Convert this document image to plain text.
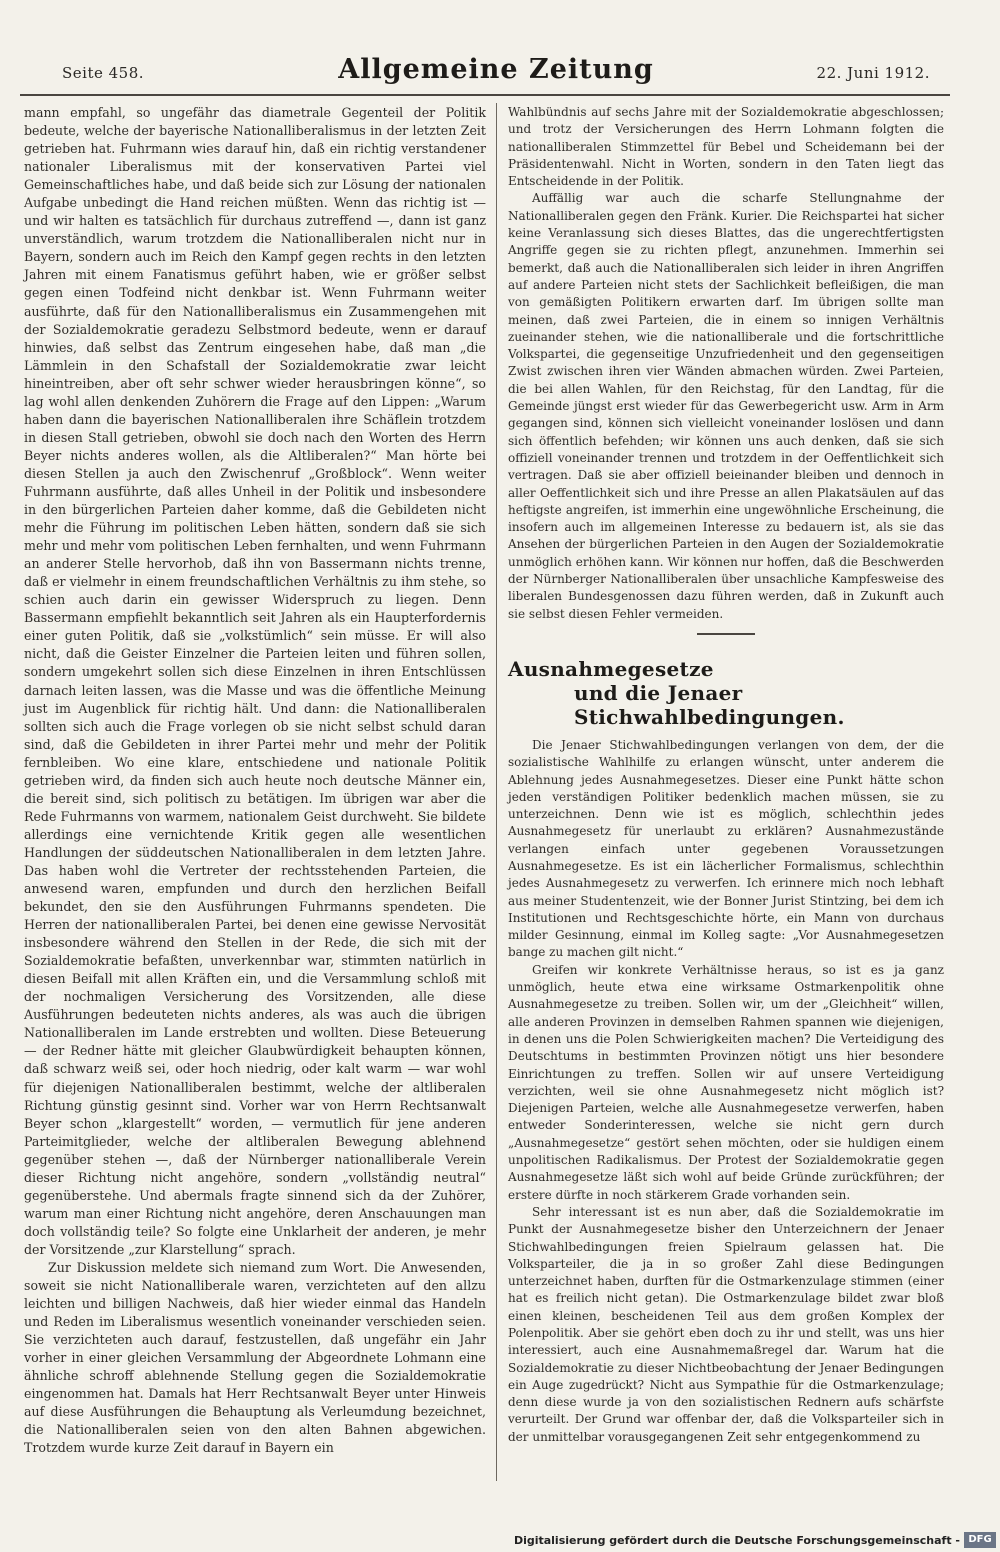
Seite 458.	Allgemeine Zeitung	22. Juni 1912.

mann empfahl, so ungefähr das diametrale Gegenteil der Politik bedeute, welche der bayerische Nationalliberalismus in der letzten Zeit getrieben hat. Fuhrmann wies darauf hin, daß ein richtig verstandener nationaler Liberalismus mit der konservativen Partei viel Gemeinschaftliches habe, und daß beide sich zur Lösung der nationalen Aufgabe unbedingt die Hand reichen müßten. Wenn das richtig ist — und wir halten es tatsächlich für durchaus zutreffend —, dann ist ganz unverständlich, warum trotzdem die Nationalliberalen nicht nur in Bayern, sondern auch im Reich den Kampf gegen rechts in den letzten Jahren mit einem Fanatismus geführt haben, wie er größer selbst gegen einen Todfeind nicht denkbar ist. Wenn Fuhrmann weiter ausführte, daß für den Nationalliberalismus ein Zusammengehen mit der Sozialdemokratie geradezu Selbstmord bedeute, wenn er darauf hinwies, daß selbst das Zentrum eingesehen habe, daß man „die Lämmlein in den Schafstall der Sozialdemokratie zwar leicht hineintreiben, aber oft sehr schwer wieder herausbringen könne“, so lag wohl allen denkenden Zuhörern die Frage auf den Lippen: „Warum haben dann die bayerischen Nationalliberalen ihre Schäflein trotzdem in diesen Stall getrieben, obwohl sie doch nach den Worten des Herrn Beyer nichts anderes wollen, als die Altliberalen?“ Man hörte bei diesen Stellen ja auch den Zwischenruf „Großblock“. Wenn weiter Fuhrmann ausführte, daß alles Unheil in der Politik und insbesondere in den bürgerlichen Parteien daher komme, daß die Gebildeten nicht mehr die Führung im politischen Leben hätten, sondern daß sie sich mehr und mehr vom politischen Leben fernhalten, und wenn Fuhrmann an anderer Stelle hervorhob, daß ihn von Bassermann nichts trenne, daß er vielmehr in einem freundschaftlichen Verhältnis zu ihm stehe, so schien auch darin ein gewisser Widerspruch zu liegen. Denn Bassermann empfiehlt bekanntlich seit Jahren als ein Haupterfordernis einer guten Politik, daß sie „volkstümlich“ sein müsse. Er will also nicht, daß die Geister Einzelner die Parteien leiten und führen sollen, sondern umgekehrt sollen sich diese Einzelnen in ihren Entschlüssen darnach leiten lassen, was die Masse und was die öffentliche Meinung just im Augenblick für richtig hält. Und dann: die Nationalliberalen sollten sich auch die Frage vorlegen ob sie nicht selbst schuld daran sind, daß die Gebildeten in ihrer Partei mehr und mehr der Politik fernbleiben. Wo eine klare, entschiedene und nationale Politik getrieben wird, da finden sich auch heute noch deutsche Männer ein, die bereit sind, sich politisch zu betätigen. Im übrigen war aber die Rede Fuhrmanns von warmem, nationalem Geist durchweht. Sie bildete allerdings eine vernichtende Kritik gegen alle wesentlichen Handlungen der süddeutschen Nationalliberalen in dem letzten Jahre. Das haben wohl die Vertreter der rechtsstehenden Parteien, die anwesend waren, empfunden und durch den herzlichen Beifall bekundet, den sie den Ausführungen Fuhrmanns spendeten. Die Herren der nationalliberalen Partei, bei denen eine gewisse Nervosität insbesondere während den Stellen in der Rede, die sich mit der Sozialdemokratie befaßten, unverkennbar war, stimmten natürlich in diesen Beifall mit allen Kräften ein, und die Versammlung schloß mit der nochmaligen Versicherung des Vorsitzenden, alle diese Ausführungen bedeuteten nichts anderes, als was auch die übrigen Nationalliberalen im Lande erstrebten und wollten. Diese Beteuerung — der Redner hätte mit gleicher Glaubwürdigkeit behaupten können, daß schwarz weiß sei, oder hoch niedrig, oder kalt warm — war wohl für diejenigen Nationalliberalen bestimmt, welche der altliberalen Richtung günstig gesinnt sind. Vorher war von Herrn Rechtsanwalt Beyer schon „klargestellt“ worden, — vermutlich für jene anderen Parteimitglieder, welche der altliberalen Bewegung ablehnend gegenüber stehen —, daß der Nürnberger nationalliberale Verein dieser Richtung nicht angehöre, sondern „vollständig neutral“ gegenüberstehe. Und abermals fragte sinnend sich da der Zuhörer, warum man einer Richtung nicht angehöre, deren Anschauungen man doch vollständig teile? So folgte eine Unklarheit der anderen, je mehr der Vorsitzende „zur Klarstellung“ sprach.

Zur Diskussion meldete sich niemand zum Wort. Die Anwesenden, soweit sie nicht Nationalliberale waren, verzichteten auf den allzu leichten und billigen Nachweis, daß hier wieder einmal das Handeln und Reden im Liberalismus wesentlich voneinander verschieden seien. Sie verzichteten auch darauf, festzustellen, daß ungefähr ein Jahr vorher in einer gleichen Versammlung der Abgeordnete Lohmann eine ähnliche schroff ablehnende Stellung gegen die Sozialdemokratie eingenommen hat. Damals hat Herr Rechtsanwalt Beyer unter Hinweis auf diese Ausführungen die Behauptung als Verleumdung bezeichnet, die Nationalliberalen seien von den alten Bahnen abgewichen. Trotzdem wurde kurze Zeit darauf in Bayern ein

Wahlbündnis auf sechs Jahre mit der Sozialdemokratie abgeschlossen; und trotz der Versicherungen des Herrn Lohmann folgten die nationalliberalen Stimmzettel für Bebel und Scheidemann bei der Präsidentenwahl. Nicht in Worten, sondern in den Taten liegt das Entscheidende in der Politik.

Auffällig war auch die scharfe Stellungnahme der Nationalliberalen gegen den Fränk. Kurier. Die Reichspartei hat sicher keine Veranlassung sich dieses Blattes, das die ungerechtfertigsten Angriffe gegen sie zu richten pflegt, anzunehmen. Immerhin sei bemerkt, daß auch die Nationalliberalen sich leider in ihren Angriffen auf andere Parteien nicht stets der Sachlichkeit befleißigen, die man von gemäßigten Politikern erwarten darf. Im übrigen sollte man meinen, daß zwei Parteien, die in einem so innigen Verhältnis zueinander stehen, wie die nationalliberale und die fortschrittliche Volkspartei, die gegenseitige Unzufriedenheit und den gegenseitigen Zwist zwischen ihren vier Wänden abmachen würden. Zwei Parteien, die bei allen Wahlen, für den Reichstag, für den Landtag, für die Gemeinde jüngst erst wieder für das Gewerbegericht usw. Arm in Arm gegangen sind, können sich vielleicht voneinander loslösen und dann sich öffentlich befehden; wir können uns auch denken, daß sie sich offiziell voneinander trennen und trotzdem in der Oeffentlichkeit sich vertragen. Daß sie aber offiziell beieinander bleiben und dennoch in aller Oeffentlichkeit sich und ihre Presse an allen Plakatsäulen auf das heftigste angreifen, ist immerhin eine ungewöhnliche Erscheinung, die insofern auch im allgemeinen Interesse zu bedauern ist, als sie das Ansehen der bürgerlichen Parteien in den Augen der Sozialdemokratie unmöglich erhöhen kann. Wir können nur hoffen, daß die Beschwerden der Nürnberger Nationalliberalen über unsachliche Kampfesweise des liberalen Bundesgenossen dazu führen werden, daß in Zukunft auch sie selbst diesen Fehler vermeiden.

Ausnahmegesetze
und die Jenaer Stichwahlbedingungen.

Die Jenaer Stichwahlbedingungen verlangen von dem, der die sozialistische Wahlhilfe zu erlangen wünscht, unter anderem die Ablehnung jedes Ausnahmegesetzes. Dieser eine Punkt hätte schon jeden verständigen Politiker bedenklich machen müssen, sie zu unterzeichnen. Denn wie ist es möglich, schlechthin jedes Ausnahmegesetz für unerlaubt zu erklären? Ausnahmezustände verlangen einfach unter gegebenen Voraussetzungen Ausnahmegesetze. Es ist ein lächerlicher Formalismus, schlechthin jedes Ausnahmegesetz zu verwerfen. Ich erinnere mich noch lebhaft aus meiner Studentenzeit, wie der Bonner Jurist Stintzing, bei dem ich Institutionen und Rechtsgeschichte hörte, ein Mann von durchaus milder Gesinnung, einmal im Kolleg sagte: „Vor Ausnahmegesetzen bange zu machen gilt nicht.“

Greifen wir konkrete Verhältnisse heraus, so ist es ja ganz unmöglich, heute etwa eine wirksame Ostmarkenpolitik ohne Ausnahmegesetze zu treiben. Sollen wir, um der „Gleichheit“ willen, alle anderen Provinzen in demselben Rahmen spannen wie diejenigen, in denen uns die Polen Schwierigkeiten machen? Die Verteidigung des Deutschtums in bestimmten Provinzen nötigt uns hier besondere Einrichtungen zu treffen. Sollen wir auf unsere Verteidigung verzichten, weil sie ohne Ausnahmegesetz nicht möglich ist? Diejenigen Parteien, welche alle Ausnahmegesetze verwerfen, haben entweder Sonderinteressen, welche sie nicht gern durch „Ausnahmegesetze“ gestört sehen möchten, oder sie huldigen einem unpolitischen Radikalismus. Der Protest der Sozialdemokratie gegen Ausnahmegesetze läßt sich wohl auf beide Gründe zurückführen; der erstere dürfte in noch stärkerem Grade vorhanden sein.

Sehr interessant ist es nun aber, daß die Sozialdemokratie im Punkt der Ausnahmegesetze bisher den Unterzeichnern der Jenaer Stichwahlbedingungen freien Spielraum gelassen hat. Die Volksparteiler, die ja in so großer Zahl diese Bedingungen unterzeichnet haben, durften für die Ostmarkenzulage stimmen (einer hat es freilich nicht getan). Die Ostmarkenzulage bildet zwar bloß einen kleinen, bescheidenen Teil aus dem großen Komplex der Polenpolitik. Aber sie gehört eben doch zu ihr und stellt, was uns hier interessiert, auch eine Ausnahmemaßregel dar. Warum hat die Sozialdemokratie zu dieser Nichtbeobachtung der Jenaer Bedingungen ein Auge zugedrückt? Nicht aus Sympathie für die Ostmarkenzulage; denn diese wurde ja von den sozialistischen Rednern aufs schärfste verurteilt. Der Grund war offenbar der, daß die Volksparteiler sich in der unmittelbar vorausgegangenen Zeit sehr entgegenkommend zu

Digitalisierung gefördert durch die Deutsche Forschungsgemeinschaft - DFG
